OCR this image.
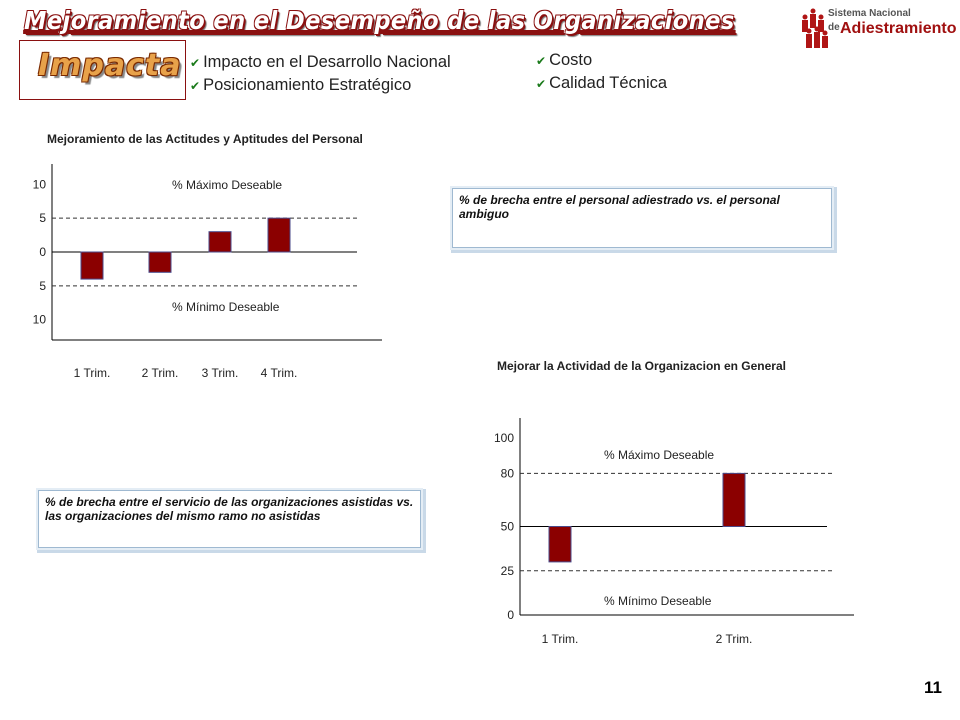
Mejoramiento en el Desempeño de las Organizaciones	Sistema Nacional
de Adiestramiento
Impacta ✔ Impacto en el Desarrollo Nacional
✔ Posicionamiento Estratégico
✔ Costo
✔ Calidad Técnica
Mejoramiento de las Actitudes y Aptitudes del Personal
% Máximo Deseable
% Mínimo Deseable
10
5
0
5
10
1 Trim.	2 Trim. 3 Trim. 4 Trim.
% de brecha entre el personal adiestrado vs. el personal ambiguo
Mejorar la Actividad de la Organizacion en General
% Máximo Deseable
% Mínimo Deseable
100
80
50
25
0
1 Trim.	2 Trim.
% de brecha entre el servicio de las organizaciones asistidas vs. las organizaciones del mismo ramo no asistidas
11
